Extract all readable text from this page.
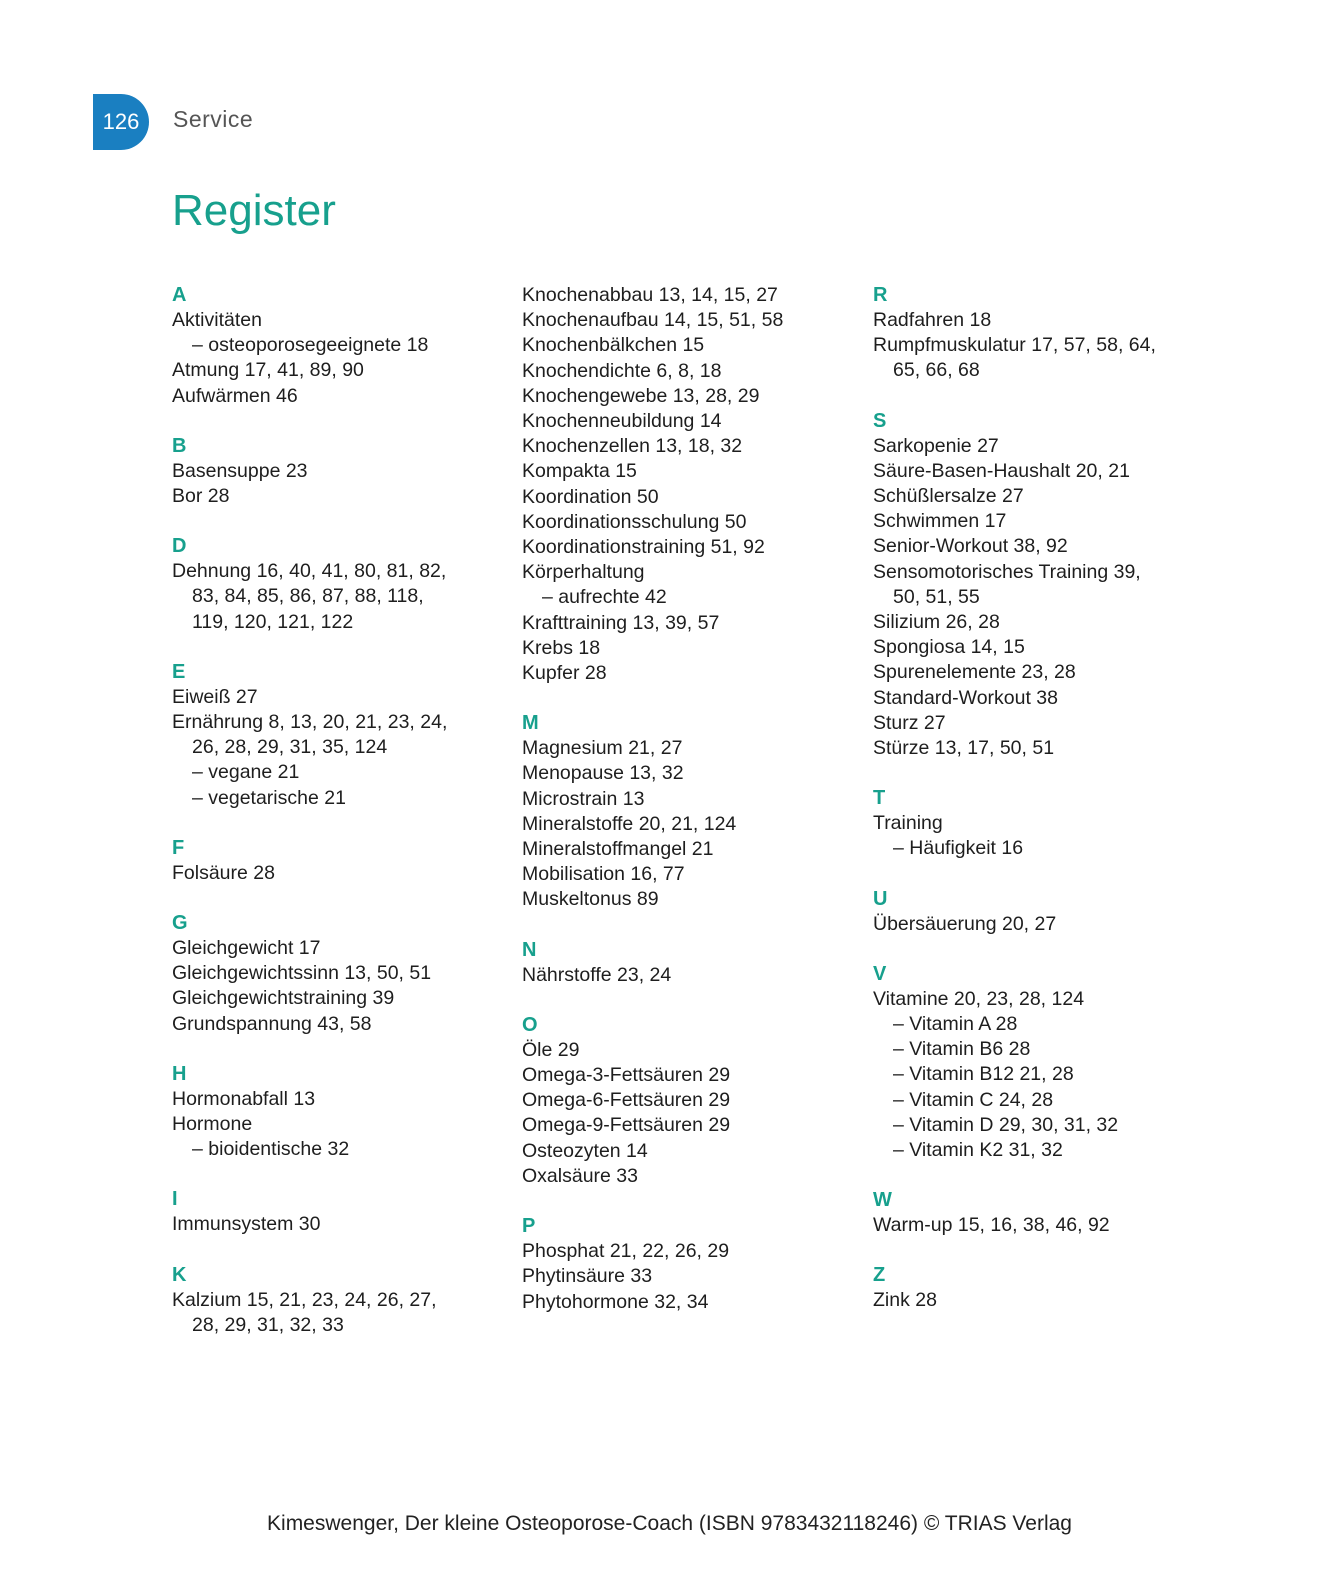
126	Service
Register
A
Aktivitäten
– osteoporosegeeignete 18
Atmung 17, 41, 89, 90
Aufwärmen 46
B
Basensuppe 23
Bor 28
D
Dehnung 16, 40, 41, 80, 81, 82,
83, 84, 85, 86, 87, 88, 118,
119, 120, 121, 122
E
Eiweiß 27
Ernährung 8, 13, 20, 21, 23, 24,
26, 28, 29, 31, 35, 124
– vegane 21
– vegetarische 21
F
Folsäure 28
G
Gleichgewicht 17
Gleichgewichtssinn 13, 50, 51
Gleichgewichtstraining 39
Grundspannung 43, 58
H
Hormonabfall 13
Hormone
– bioidentische 32
I
Immunsystem 30
K
Kalzium 15, 21, 23, 24, 26, 27,
28, 29, 31, 32, 33
Knochenabbau 13, 14, 15, 27
Knochenaufbau 14, 15, 51, 58
Knochenbälkchen 15
Knochendichte 6, 8, 18
Knochengewebe 13, 28, 29
Knochenneubildung 14
Knochenzellen 13, 18, 32
Kompakta 15
Koordination 50
Koordinationsschulung 50
Koordinationstraining 51, 92
Körperhaltung
– aufrechte 42
Krafttraining 13, 39, 57
Krebs 18
Kupfer 28
M
Magnesium 21, 27
Menopause 13, 32
Microstrain 13
Mineralstoffe 20, 21, 124
Mineralstoffmangel 21
Mobilisation 16, 77
Muskeltonus 89
N
Nährstoffe 23, 24
O
Öle 29
Omega-3-Fettsäuren 29
Omega-6-Fettsäuren 29
Omega-9-Fettsäuren 29
Osteozyten 14
Oxalsäure 33
P
Phosphat 21, 22, 26, 29
Phytinsäure 33
Phytohormone 32, 34
R
Radfahren 18
Rumpfmuskulatur 17, 57, 58, 64,
65, 66, 68
S
Sarkopenie 27
Säure-Basen-Haushalt 20, 21
Schüßlersalze 27
Schwimmen 17
Senior-Workout 38, 92
Sensomotorisches Training 39,
50, 51, 55
Silizium 26, 28
Spongiosa 14, 15
Spurenelemente 23, 28
Standard-Workout 38
Sturz 27
Stürze 13, 17, 50, 51
T
Training
– Häufigkeit 16
U
Übersäuerung 20, 27
V
Vitamine 20, 23, 28, 124
– Vitamin A 28
– Vitamin B6 28
– Vitamin B12 21, 28
– Vitamin C 24, 28
– Vitamin D 29, 30, 31, 32
– Vitamin K2 31, 32
W
Warm-up 15, 16, 38, 46, 92
Z
Zink 28
Kimeswenger, Der kleine Osteoporose-Coach (ISBN 9783432118246) © TRIAS Verlag
